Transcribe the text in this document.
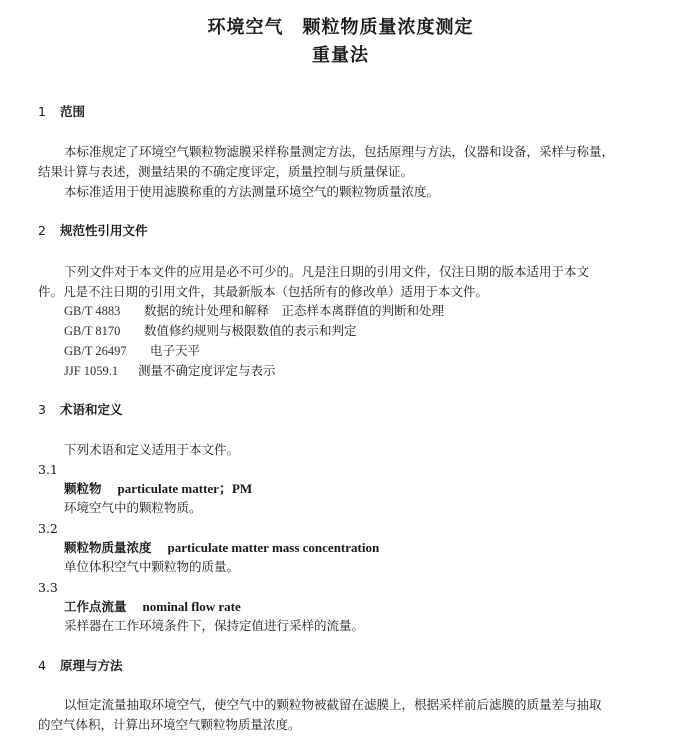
环境空气　颗粒物质量浓度测定
重量法
1 范围
本标准规定了环境空气颗粒物滤膜采样称量测定方法，包括原理与方法，仪器和设备，采样与称量，
结果计算与表述，测量结果的不确定度评定，质量控制与质量保证。
本标准适用于使用滤膜称重的方法测量环境空气的颗粒物质量浓度。
2 规范性引用文件
下列文件对于本文件的应用是必不可少的。凡是注日期的引用文件，仅注日期的版本适用于本文
件。凡是不注日期的引用文件，其最新版本（包括所有的修改单）适用于本文件。
GB/T 4883 数据的统计处理和解释　正态样本离群值的判断和处理
GB/T 8170 数值修约规则与极限数值的表示和判定
GB/T 26497 电子天平
JJF 1059.1 测量不确定度评定与表示
3 术语和定义
下列术语和定义适用于本文件。
3.1
颗粒物 particulate matter；PM
环境空气中的颗粒物质。
3.2
颗粒物质量浓度 particulate matter mass concentration
单位体积空气中颗粒物的质量。
3.3
工作点流量 nominal flow rate
采样器在工作环境条件下，保持定值进行采样的流量。
4 原理与方法
以恒定流量抽取环境空气，使空气中的颗粒物被截留在滤膜上，根据采样前后滤膜的质量差与抽取
的空气体积，计算出环境空气颗粒物质量浓度。
